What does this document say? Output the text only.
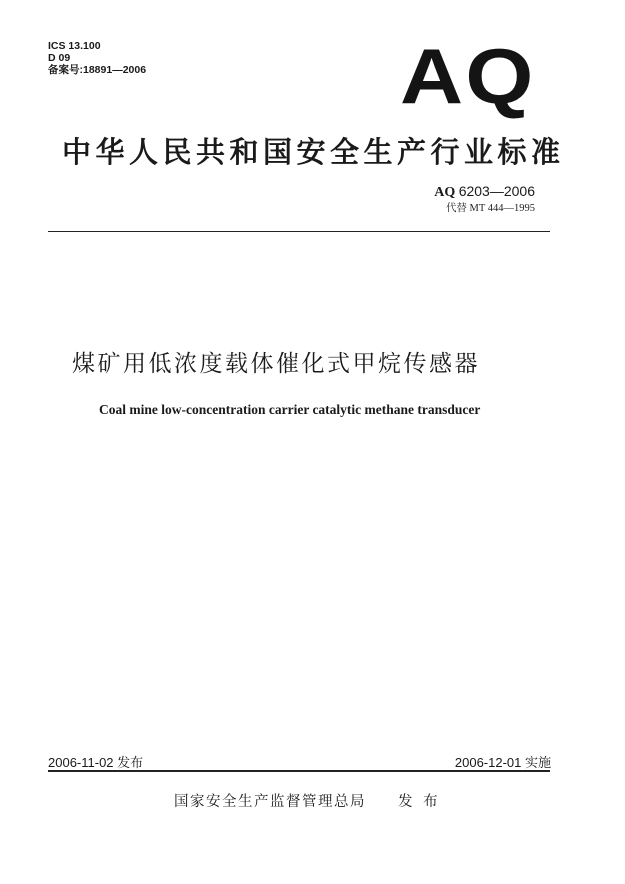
ICS 13.100
D 09
备案号:18891—2006	AQ
中华人民共和国安全生产行业标准
AQ 6203—2006
代替 MT 444—1995
煤矿用低浓度载体催化式甲烷传感器
Coal mine low-concentration carrier catalytic methane transducer
2006-11-02 发布	2006-12-01 实施
国家安全生产监督管理总局 发 布
